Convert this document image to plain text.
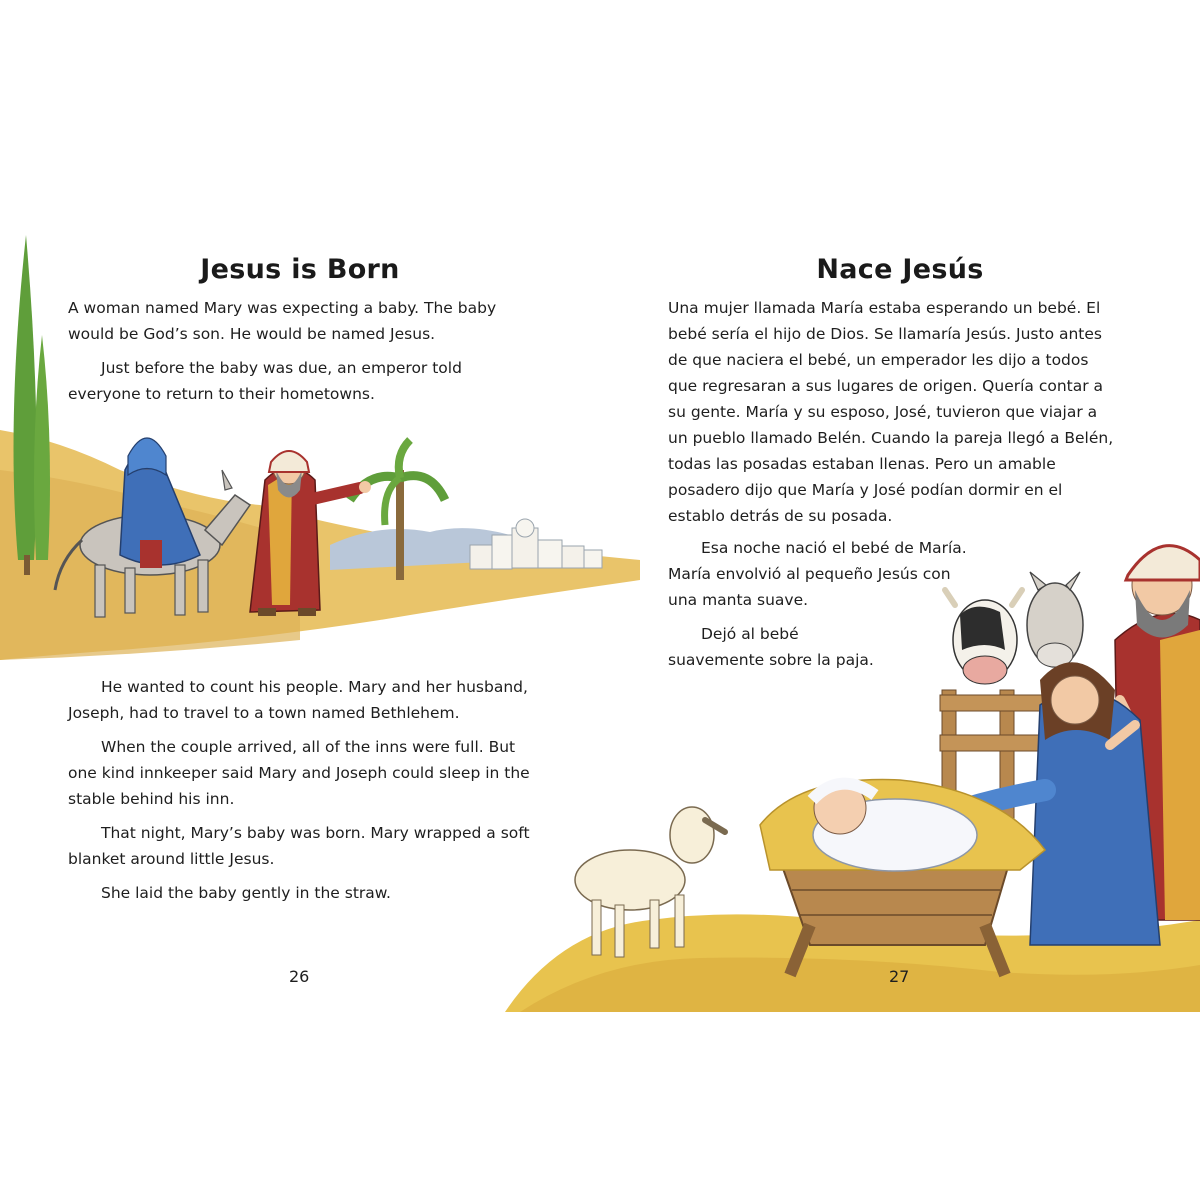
Jesus is Born

A woman named Mary was expecting a baby. The baby would be God’s son. He would be named Jesus.

Just before the baby was due, an emperor told everyone to return to their hometowns.

He wanted to count his people. Mary and her husband, Joseph, had to travel to a town named Bethlehem.

When the couple arrived, all of the inns were full. But one kind innkeeper said Mary and Joseph could sleep in the stable behind his inn.

That night, Mary’s baby was born. Mary wrapped a soft blanket around little Jesus.

She laid the baby gently in the straw.

26
Nace Jesús

Una mujer llamada María estaba esperando un bebé. El bebé sería el hijo de Dios. Se llamaría Jesús. Justo antes de que naciera el bebé, un emperador les dijo a todos que regresaran a sus lugares de origen. Quería contar a su gente. María y su esposo, José, tuvieron que viajar a un pueblo llamado Belén. Cuando la pareja llegó a Belén, todas las posadas estaban llenas. Pero un amable posadero dijo que María y José podían dormir en el establo detrás de su posada.

Esa noche nació el bebé de María. María envolvió al pequeño Jesús con una manta suave.

Dejó al bebé suavemente sobre la paja.

27
